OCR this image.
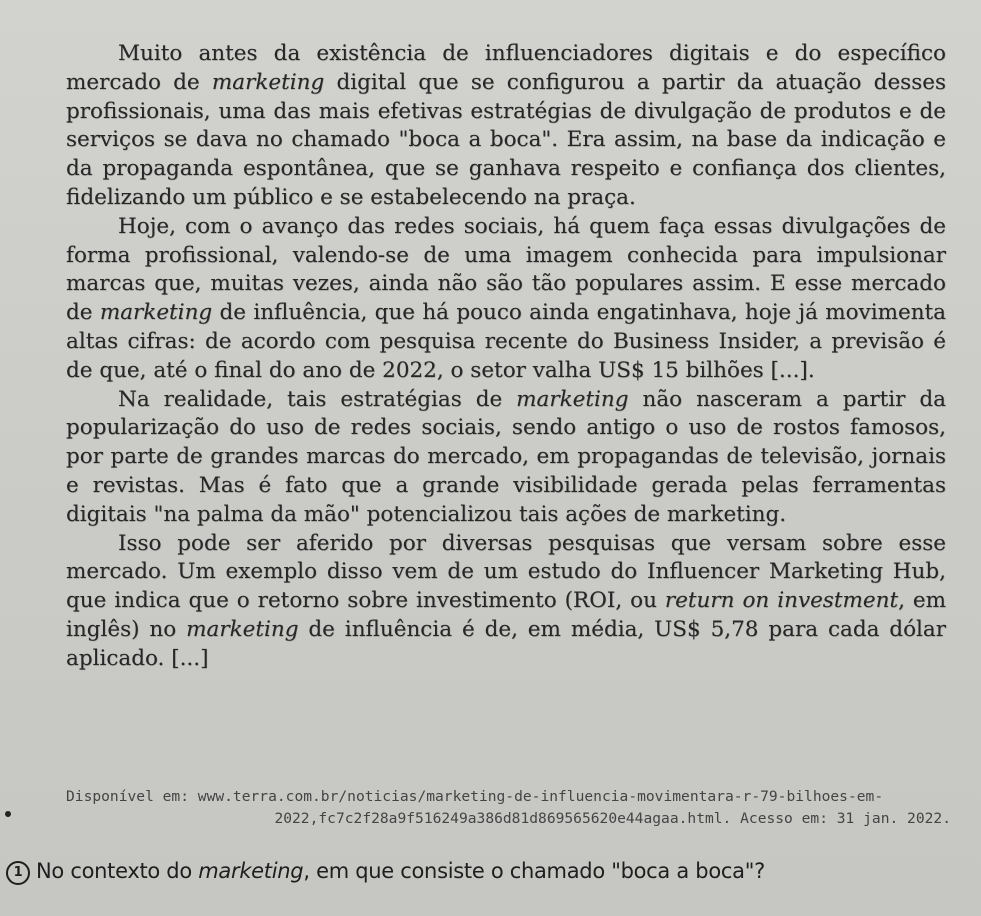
Muito antes da existência de influenciadores digitais e do específico mercado de marketing digital que se configurou a partir da atuação desses profissionais, uma das mais efetivas estratégias de divulgação de produtos e de serviços se dava no chamado "boca a boca". Era assim, na base da indicação e da propaganda espontânea, que se ganhava respeito e confiança dos clientes, fidelizando um público e se estabelecendo na praça.

Hoje, com o avanço das redes sociais, há quem faça essas divulgações de forma profissional, valendo-se de uma imagem conhecida para impulsionar marcas que, muitas vezes, ainda não são tão populares assim. E esse mercado de marketing de influência, que há pouco ainda engatinhava, hoje já movimenta altas cifras: de acordo com pesquisa recente do Business Insider, a previsão é de que, até o final do ano de 2022, o setor valha US$ 15 bilhões [...].

Na realidade, tais estratégias de marketing não nasceram a partir da popularização do uso de redes sociais, sendo antigo o uso de rostos famosos, por parte de grandes marcas do mercado, em propagandas de televisão, jornais e revistas. Mas é fato que a grande visibilidade gerada pelas ferramentas digitais "na palma da mão" potencializou tais ações de marketing.

Isso pode ser aferido por diversas pesquisas que versam sobre esse mercado. Um exemplo disso vem de um estudo do Influencer Marketing Hub, que indica que o retorno sobre investimento (ROI, ou return on investment, em inglês) no marketing de influência é de, em média, US$ 5,78 para cada dólar aplicado. [...]

Disponível em: www.terra.com.br/noticias/marketing-de-influencia-movimentara-r-79-bilhoes-em-
2022,fc7c2f28a9f516249a386d81d869565620e44agaa.html. Acesso em: 31 jan. 2022.
1 No contexto do marketing, em que consiste o chamado "boca a boca"?
